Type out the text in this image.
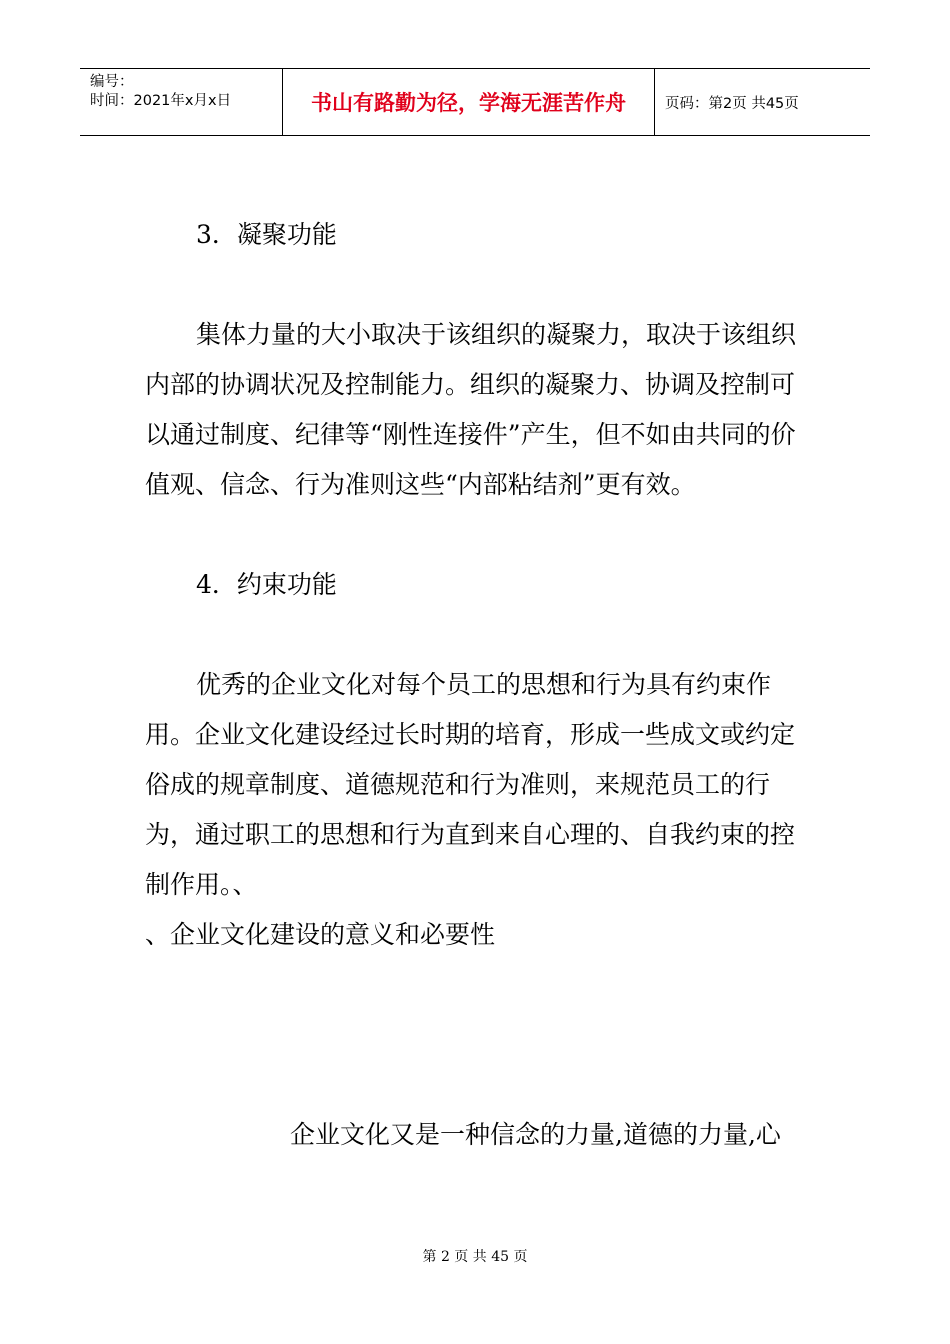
编号：
时间：2021年x月x日	书山有路勤为径，学海无涯苦作舟	页码：第2页 共45页
3．凝聚功能

集体力量的大小取决于该组织的凝聚力，取决于该组织内部的协调状况及控制能力。组织的凝聚力、协调及控制可以通过制度、纪律等“刚性连接件”产生，但不如由共同的价值观、信念、行为准则这些“内部粘结剂”更有效。

4．约束功能

优秀的企业文化对每个员工的思想和行为具有约束作用。企业文化建设经过长时期的培育，形成一些成文或约定俗成的规章制度、道德规范和行为准则，来规范员工的行为，通过职工的思想和行为直到来自心理的、自我约束的控制作用。、

、企业文化建设的意义和必要性

企业文化又是一种信念的力量,道德的力量,心

第 2 页 共 45 页
